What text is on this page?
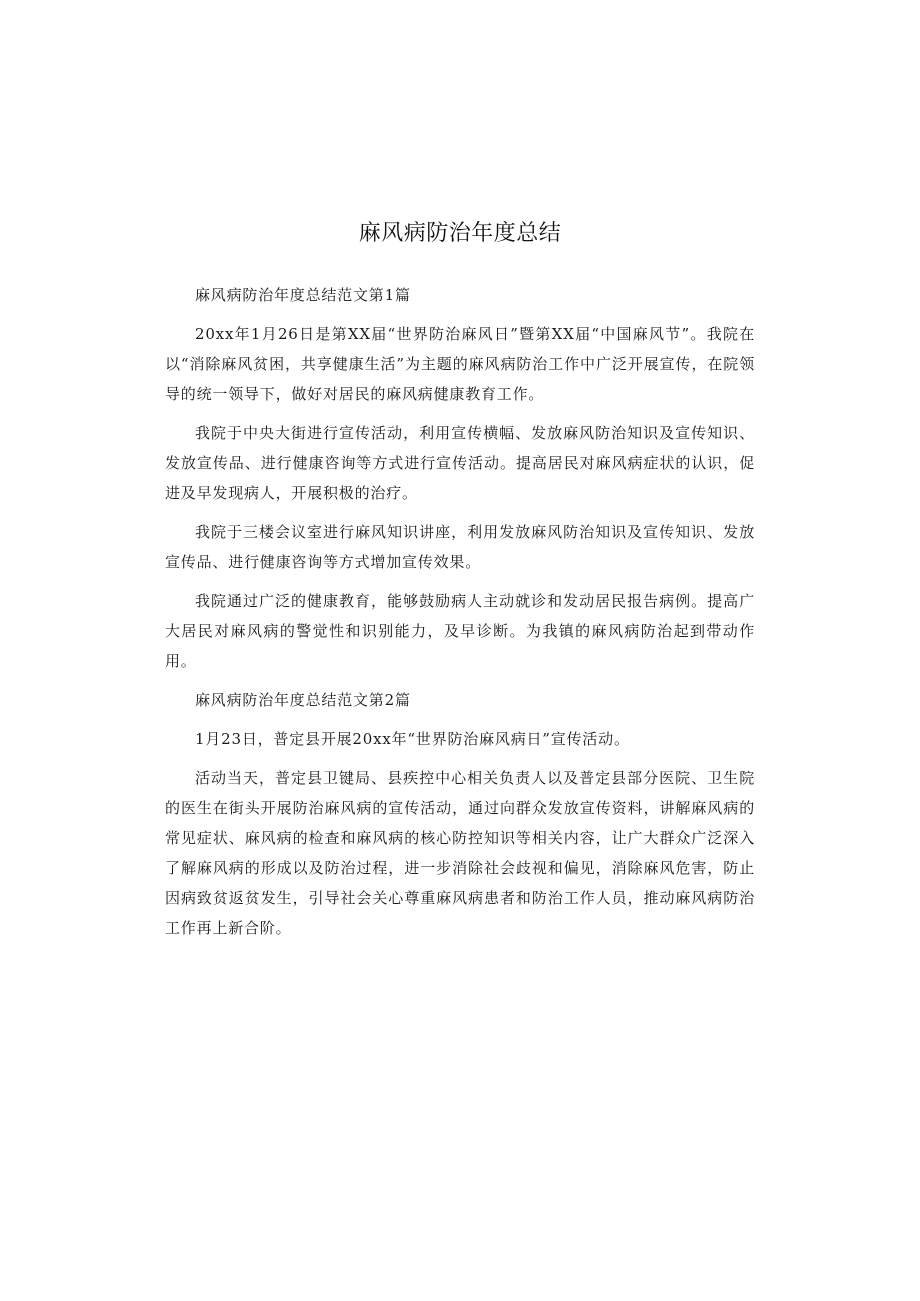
麻风病防治年度总结

麻风病防治年度总结范文第1篇

20xx年1月26日是第XX届“世界防治麻风日”暨第XX届“中国麻风节”。我院在以“消除麻风贫困，共享健康生活”为主题的麻风病防治工作中广泛开展宣传，在院领导的统一领导下，做好对居民的麻风病健康教育工作。

我院于中央大街进行宣传活动，利用宣传横幅、发放麻风防治知识及宣传知识、发放宣传品、进行健康咨询等方式进行宣传活动。提高居民对麻风病症状的认识，促进及早发现病人，开展积极的治疗。

我院于三楼会议室进行麻风知识讲座，利用发放麻风防治知识及宣传知识、发放宣传品、进行健康咨询等方式增加宣传效果。

我院通过广泛的健康教育，能够鼓励病人主动就诊和发动居民报告病例。提高广大居民对麻风病的警觉性和识别能力，及早诊断。为我镇的麻风病防治起到带动作用。

麻风病防治年度总结范文第2篇

1月23日，普定县开展20xx年“世界防治麻风病日”宣传活动。

活动当天，普定县卫键局、县疾控中心相关负责人以及普定县部分医院、卫生院的医生在街头开展防治麻风病的宣传活动，通过向群众发放宣传资料，讲解麻风病的常见症状、麻风病的检查和麻风病的核心防控知识等相关内容，让广大群众广泛深入了解麻风病的形成以及防治过程，进一步消除社会歧视和偏见，消除麻风危害，防止因病致贫返贫发生，引导社会关心尊重麻风病患者和防治工作人员，推动麻风病防治工作再上新合阶。
